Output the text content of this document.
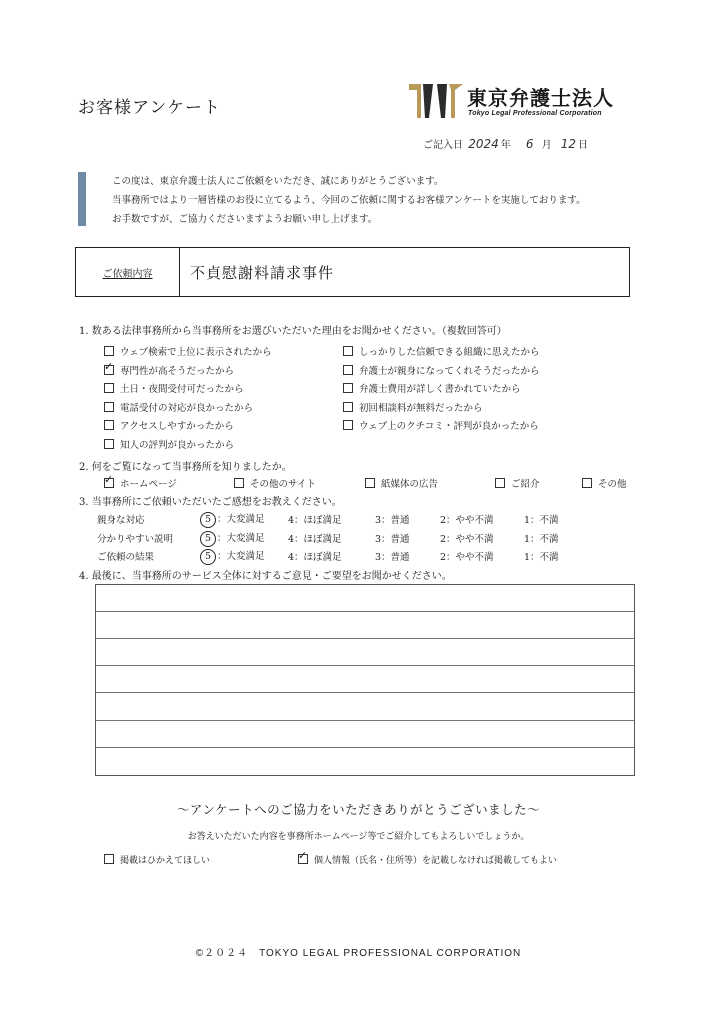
お客様アンケート	東京弁護士法人
Tokyo Legal Professional Corporation
ご記入日 2024 年 6 月 12 日
この度は、東京弁護士法人にご依頼をいただき、誠にありがとうございます。
当事務所ではより一層皆様のお役に立てるよう、今回のご依頼に関するお客様アンケートを実施しております。
お手数ですが、ご協力くださいますようお願い申し上げます。
ご依頼内容	不貞慰謝料請求事件
1. 数ある法律事務所から当事務所をお選びいただいた理由をお聞かせください。（複数回答可）
ウェブ検索で上位に表示されたから	しっかりした信頼できる組織に思えたから
✓専門性が高そうだったから	弁護士が親身になってくれそうだったから
土日・夜間受付可だったから	弁護士費用が詳しく書かれていたから
電話受付の対応が良かったから	初回相談料が無料だったから
アクセスしやすかったから	ウェブ上のクチコミ・評判が良かったから
知人の評判が良かったから
2. 何をご覧になって当事務所を知りましたか。
✓ホームページ	その他のサイト	紙媒体の広告	ご紹介	その他
3. 当事務所にご依頼いただいたご感想をお教えください。
親身な対応	5 ：大変満足 4：ほぼ満足	3：普通	2：やや不満	1：不満
分かりやすい説明	5 ：大変満足 4：ほぼ満足	3：普通	2：やや不満	1：不満
ご依頼の結果	5 ：大変満足 4：ほぼ満足	3：普通	2：やや不満	1：不満
4. 最後に、当事務所のサービス全体に対するご意見・ご要望をお聞かせください。
～アンケートへのご協力をいただきありがとうございました～
お答えいただいた内容を事務所ホームページ等でご紹介してもよろしいでしょうか。
掲載はひかえてほしい ✓	個人情報（氏名・住所等）を記載しなければ掲載してもよい
©２０２４　TOKYO LEGAL PROFESSIONAL CORPORATION
